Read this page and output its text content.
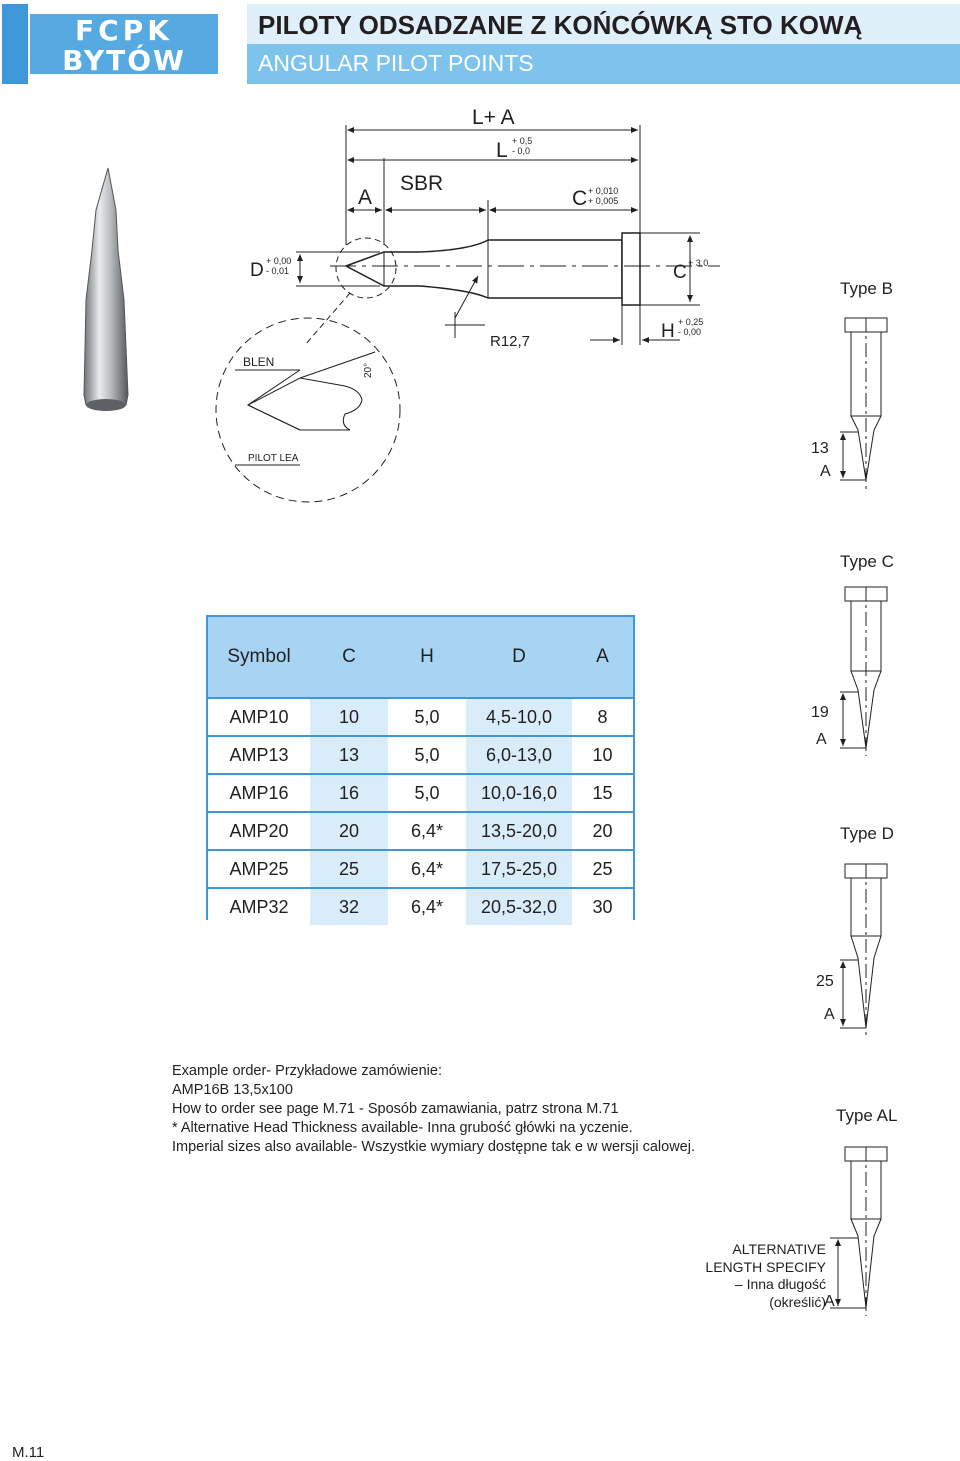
FCPK
BYTÓW
PILOTY ODSADZANE Z KOŃCÓWKĄ STO KOWĄ
ANGULAR PILOT POINTS
L+ A
L + 0,5
- 0,0
A
SBR
C + 0,010
+ 0,005
D + 0,00
- 0,01	C + 3,0
R12,7	H + 0,25
- 0,00
BLEN
20°
PILOT LEA
Type B
13
A
Type C
19
A
Type D
25
A
Type AL
ALTERNATIVE
LENGTH SPECIFY
– Inna długość
(określić)
A
Symbol	C	H	D	A
AMP10	10	5,0	4,5-10,0	8
AMP13	13	5,0	6,0-13,0	10
AMP16	16	5,0	10,0-16,0	15
AMP20	20	6,4*	13,5-20,0	20
AMP25	25	6,4*	17,5-25,0	25
AMP32	32	6,4*	20,5-32,0	30
Example order- Przykładowe zamówienie:
AMP16B 13,5x100
How to order see page M.71 - Sposób zamawiania, patrz strona M.71
* Alternative Head Thickness available- Inna grubość główki na yczenie.
Imperial sizes also available- Wszystkie wymiary dostępne tak e w wersji calowej.
M.11
